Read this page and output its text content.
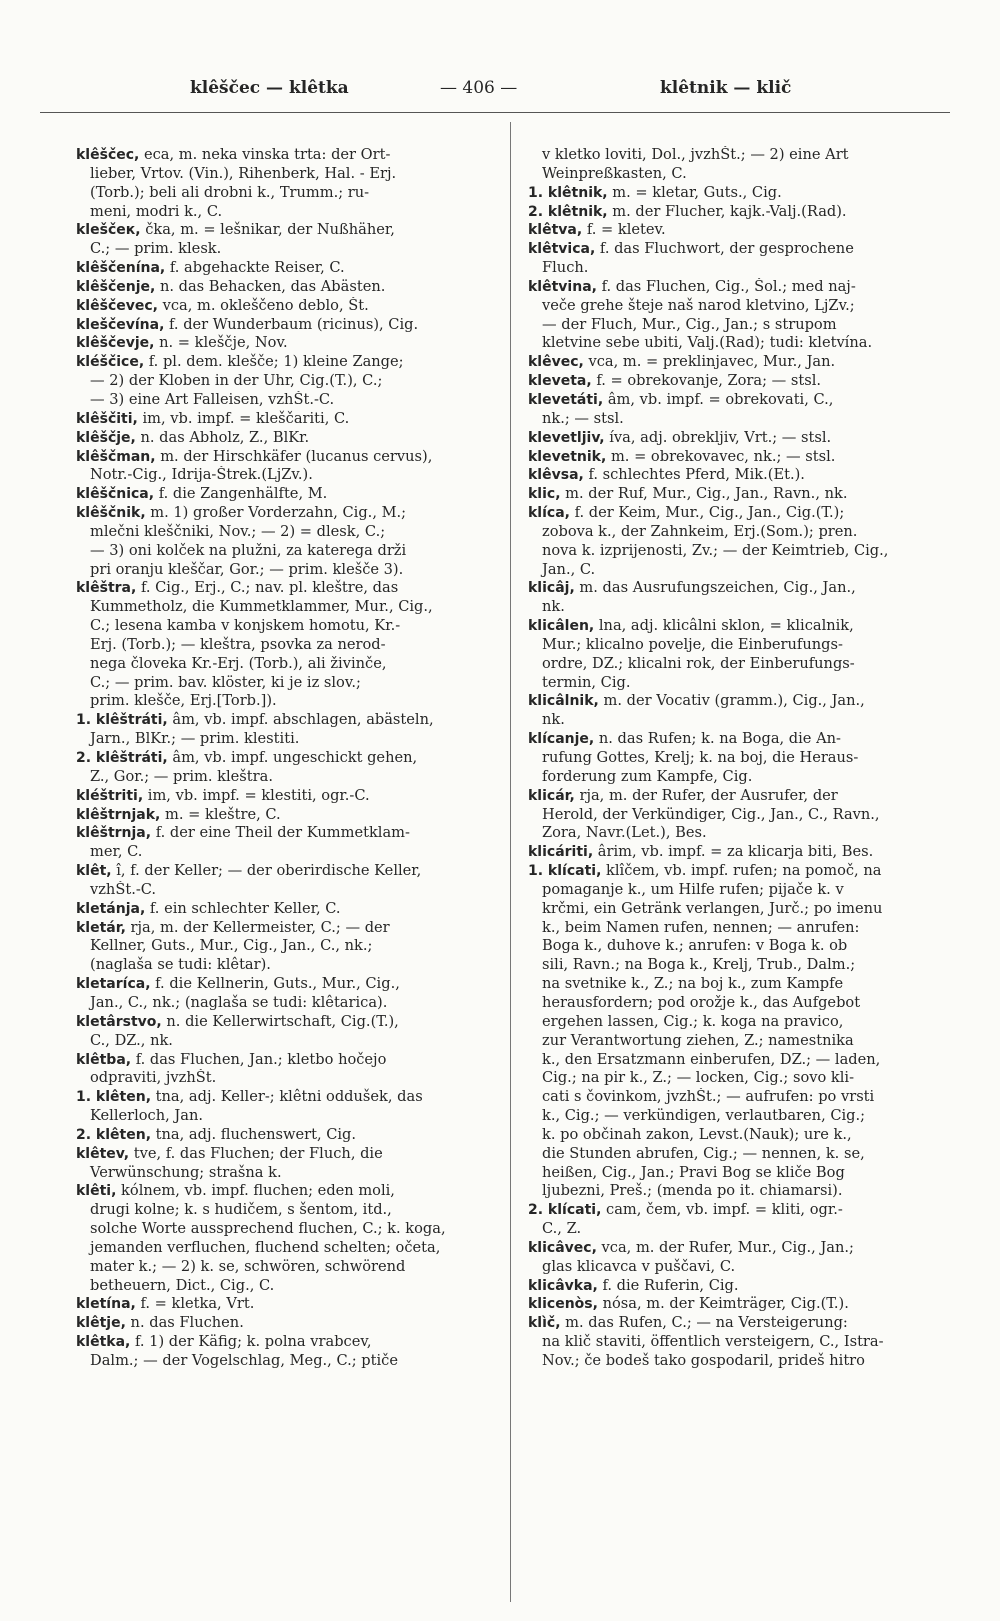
klêščec — klêtka	— 406 —	klêtnik — klič
klêščec, eca, m. neka vinska trta: der Ort-
lieber, Vrtov. (Vin.), Rihenberk, Hal. - Erj.
(Torb.); beli ali drobni k., Trumm.; ru-
meni, modri k., C.
kleščeк, čka, m. = lešnikar, der Nußhäher,
C.; — prim. klesk.
klêščenína, f. abgehackte Reiser, C.
klêščenje, n. das Behacken, das Abästen.
klêščevec, vca, m. okleščeno deblo, Št.
kleščevína, f. der Wunderbaum (ricinus), Cig.
klêščevje, n. = kleščje, Nov.
kléščice, f. pl. dem. klešče; 1) kleine Zange;
— 2) der Kloben in der Uhr, Cig.(T.), C.;
— 3) eine Art Falleisen, vzhŠt.-C.
klêščiti, im, vb. impf. = kleščariti, C.
klêščje, n. das Abholz, Z., BlKr.
klêščman, m. der Hirschkäfer (lucanus cervus),
Notr.-Cig., Idrija-Štrek.(LjZv.).
klêščnica, f. die Zangenhälfte, M.
klêščnik, m. 1) großer Vorderzahn, Cig., M.;
mlečni kleščniki, Nov.; — 2) = dlesk, C.;
— 3) oni kolček na plužni, za katerega drži
pri oranju kleščar, Gor.; — prim. klešče 3).
klêštra, f. Cig., Erj., C.; nav. pl. kleštre, das
Kummetholz, die Kummetklammer, Mur., Cig.,
C.; lesena kamba v konjskem homotu, Kr.-
Erj. (Torb.); — kleštra, psovka za nerod-
nega človeka Kr.-Erj. (Torb.), ali živinče,
C.; — prim. bav. klöster, ki je iz slov.;
prim. klešče, Erj.[Torb.]).
1. klêštráti, âm, vb. impf. abschlagen, abästeln,
Jarn., BlKr.; — prim. klestiti.
2. klêštráti, âm, vb. impf. ungeschickt gehen,
Z., Gor.; — prim. kleštra.
kléštriti, im, vb. impf. = klestiti, ogr.-C.
klêštrnjak, m. = kleštre, C.
klêštrnja, f. der eine Theil der Kummetklam-
mer, C.
klêt, î, f. der Keller; — der oberirdische Keller,
vzhŠt.-C.
kletánja, f. ein schlechter Keller, C.
kletár, rja, m. der Kellermeister, C.; — der
Kellner, Guts., Mur., Cig., Jan., C., nk.;
(naglaša se tudi: klêtar).
kletaríca, f. die Kellnerin, Guts., Mur., Cig.,
Jan., C., nk.; (naglaša se tudi: klêtarica).
kletârstvo, n. die Kellerwirtschaft, Cig.(T.),
C., DZ., nk.
klêtba, f. das Fluchen, Jan.; kletbo hočejo
odpraviti, jvzhŠt.
1. klêten, tna, adj. Keller-; klêtni oddušek, das
Kellerloch, Jan.
2. klêten, tna, adj. fluchenswert, Cig.
klêtev, tve, f. das Fluchen; der Fluch, die
Verwünschung; strašna k.
klêti, kólnem, vb. impf. fluchen; eden moli,
drugi kolne; k. s hudičem, s šentom, itd.,
solche Worte aussprechend fluchen, C.; k. koga,
jemanden verfluchen, fluchend schelten; očeta,
mater k.; — 2) k. se, schwören, schwörend
betheuern, Dict., Cig., C.
kletína, f. = kletka, Vrt.
klêtje, n. das Fluchen.
klêtka, f. 1) der Käfig; k. polna vrabcev,
Dalm.; — der Vogelschlag, Meg., C.; ptiče
v kletko loviti, Dol., jvzhŠt.; — 2) eine Art
Weinpreßkasten, C.
1. klêtnik, m. = kletar, Guts., Cig.
2. klêtnik, m. der Flucher, kajk.-Valj.(Rad).
klêtva, f. = kletev.
klêtvica, f. das Fluchwort, der gesprochene
Fluch.
klêtvina, f. das Fluchen, Cig., Šol.; med naj-
veče grehe šteje naš narod kletvino, LjZv.;
— der Fluch, Mur., Cig., Jan.; s strupom
kletvine sebe ubiti, Valj.(Rad); tudi: kletvína.
klêvec, vca, m. = preklinjavec, Mur., Jan.
kleveta, f. = obrekovanje, Zora; — stsl.
klevetáti, âm, vb. impf. = obrekovati, C.,
nk.; — stsl.
klevetljiv, íva, adj. obrekljiv, Vrt.; — stsl.
klevetnik, m. = obrekovavec, nk.; — stsl.
klêvsa, f. schlechtes Pferd, Mik.(Et.).
klic, m. der Ruf, Mur., Cig., Jan., Ravn., nk.
klíca, f. der Keim, Mur., Cig., Jan., Cig.(T.);
zobova k., der Zahnkeim, Erj.(Som.); pren.
nova k. izprijenosti, Zv.; — der Keimtrieb, Cig.,
Jan., C.
klicâj, m. das Ausrufungszeichen, Cig., Jan.,
nk.
klicâlen, lna, adj. klicâlni sklon, = klicalnik,
Mur.; klicalno povelje, die Einberufungs-
ordre, DZ.; klicalni rok, der Einberufungs-
termin, Cig.
klicâlnik, m. der Vocativ (gramm.), Cig., Jan.,
nk.
klícanje, n. das Rufen; k. na Boga, die An-
rufung Gottes, Krelj; k. na boj, die Heraus-
forderung zum Kampfe, Cig.
klicár, rja, m. der Rufer, der Ausrufer, der
Herold, der Verkündiger, Cig., Jan., C., Ravn.,
Zora, Navr.(Let.), Bes.
klicáriti, ârim, vb. impf. = za klicarja biti, Bes.
1. klícati, klîčem, vb. impf. rufen; na pomoč, na
pomaganje k., um Hilfe rufen; pijače k. v
krčmi, ein Getränk verlangen, Jurč.; po imenu
k., beim Namen rufen, nennen; — anrufen:
Boga k., duhove k.; anrufen: v Boga k. ob
sili, Ravn.; na Boga k., Krelj, Trub., Dalm.;
na svetnike k., Z.; na boj k., zum Kampfe
herausfordern; pod orožje k., das Aufgebot
ergehen lassen, Cig.; k. koga na pravico,
zur Verantwortung ziehen, Z.; namestnika
k., den Ersatzmann einberufen, DZ.; — laden,
Cig.; na pir k., Z.; — locken, Cig.; sovo kli-
cati s čovinkom, jvzhŠt.; — aufrufen: po vrsti
k., Cig.; — verkündigen, verlautbaren, Cig.;
k. po občinah zakon, Levst.(Nauk); ure k.,
die Stunden abrufen, Cig.; — nennen, k. se,
heißen, Cig., Jan.; Pravi Bog se kliče Bog
ljubezni, Preš.; (menda po it. chiamarsi).
2. klícati, cam, čem, vb. impf. = kliti, ogr.-
C., Z.
klicâvec, vca, m. der Rufer, Mur., Cig., Jan.;
glas klicavca v puščavi, C.
klicâvka, f. die Ruferin, Cig.
klicenòs, nósa, m. der Keimträger, Cig.(T.).
klìč, m. das Rufen, C.; — na Versteigerung:
na klič staviti, öffentlich versteigern, C., Istra-
Nov.; če bodeš tako gospodaril, prideš hitro
